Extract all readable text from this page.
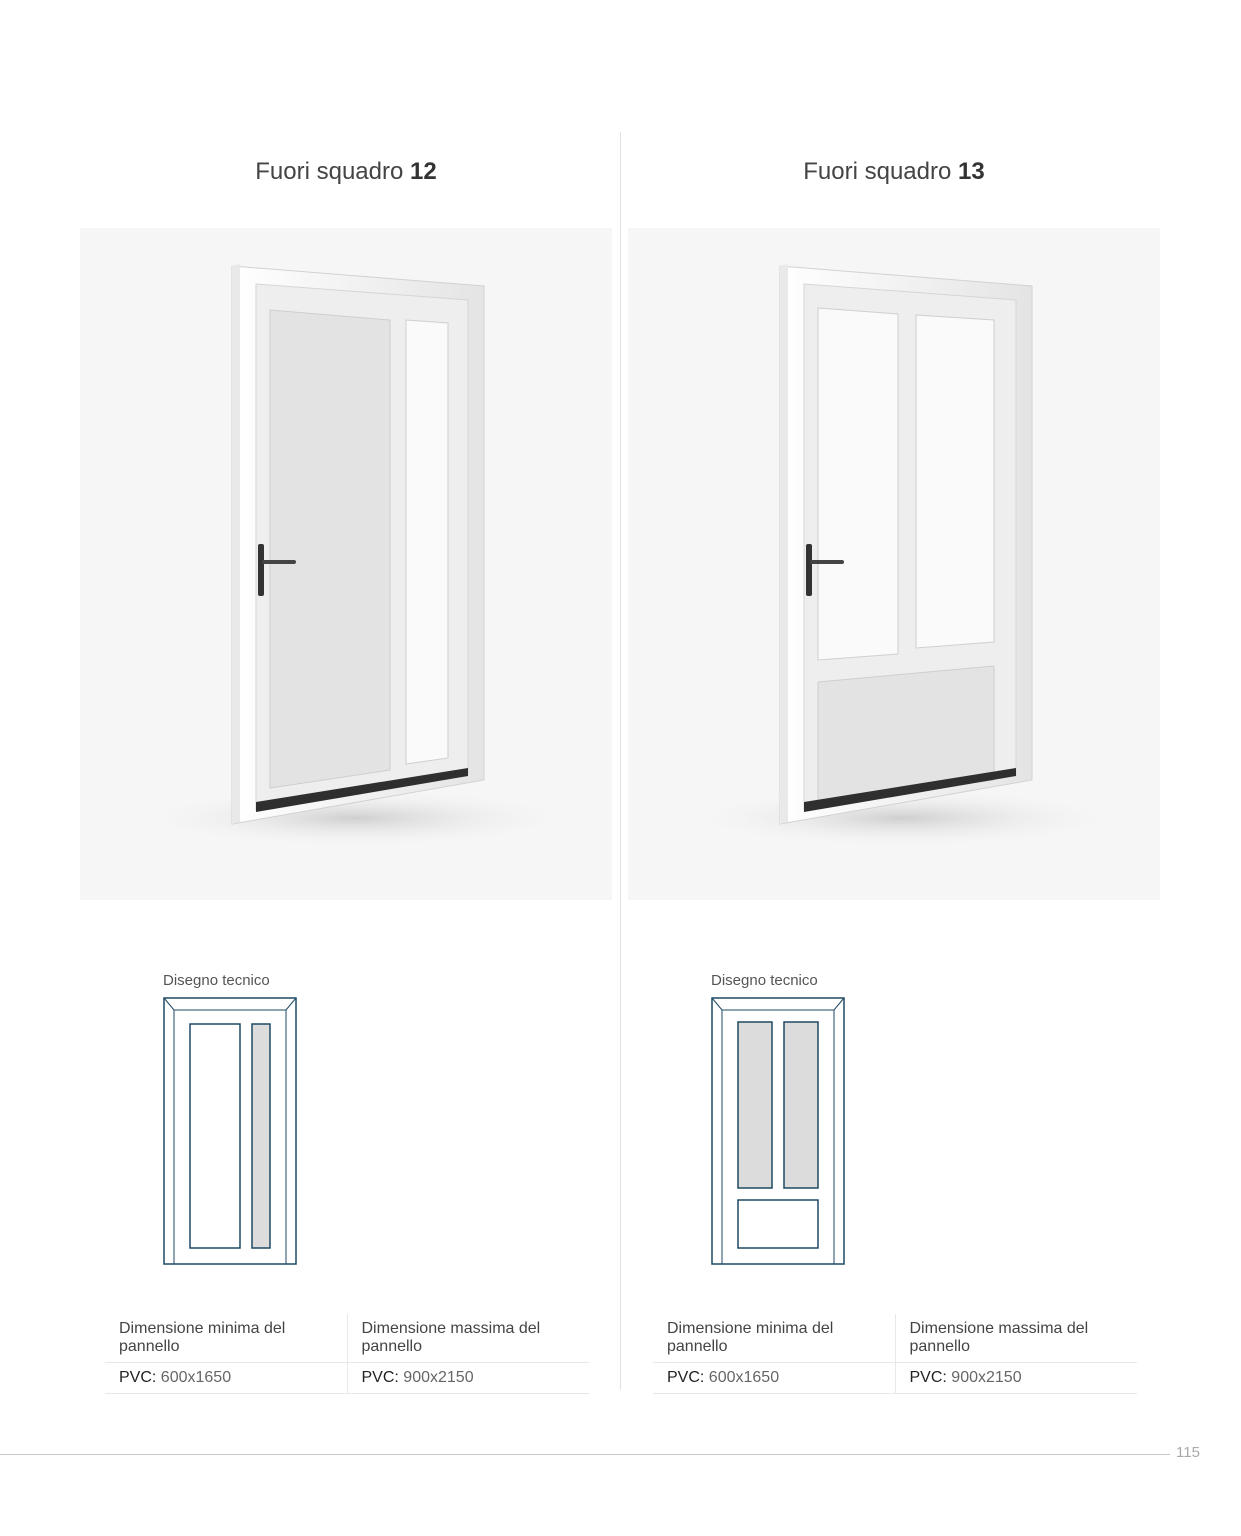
Fuori squadro 12
Disegno tecnico
Dimensione minima del pannello	Dimensione massima del pannello
PVC: 600x1650	PVC: 900x2150
Fuori squadro 13
Disegno tecnico
Dimensione minima del pannello	Dimensione massima del pannello
PVC: 600x1650	PVC: 900x2150
115
